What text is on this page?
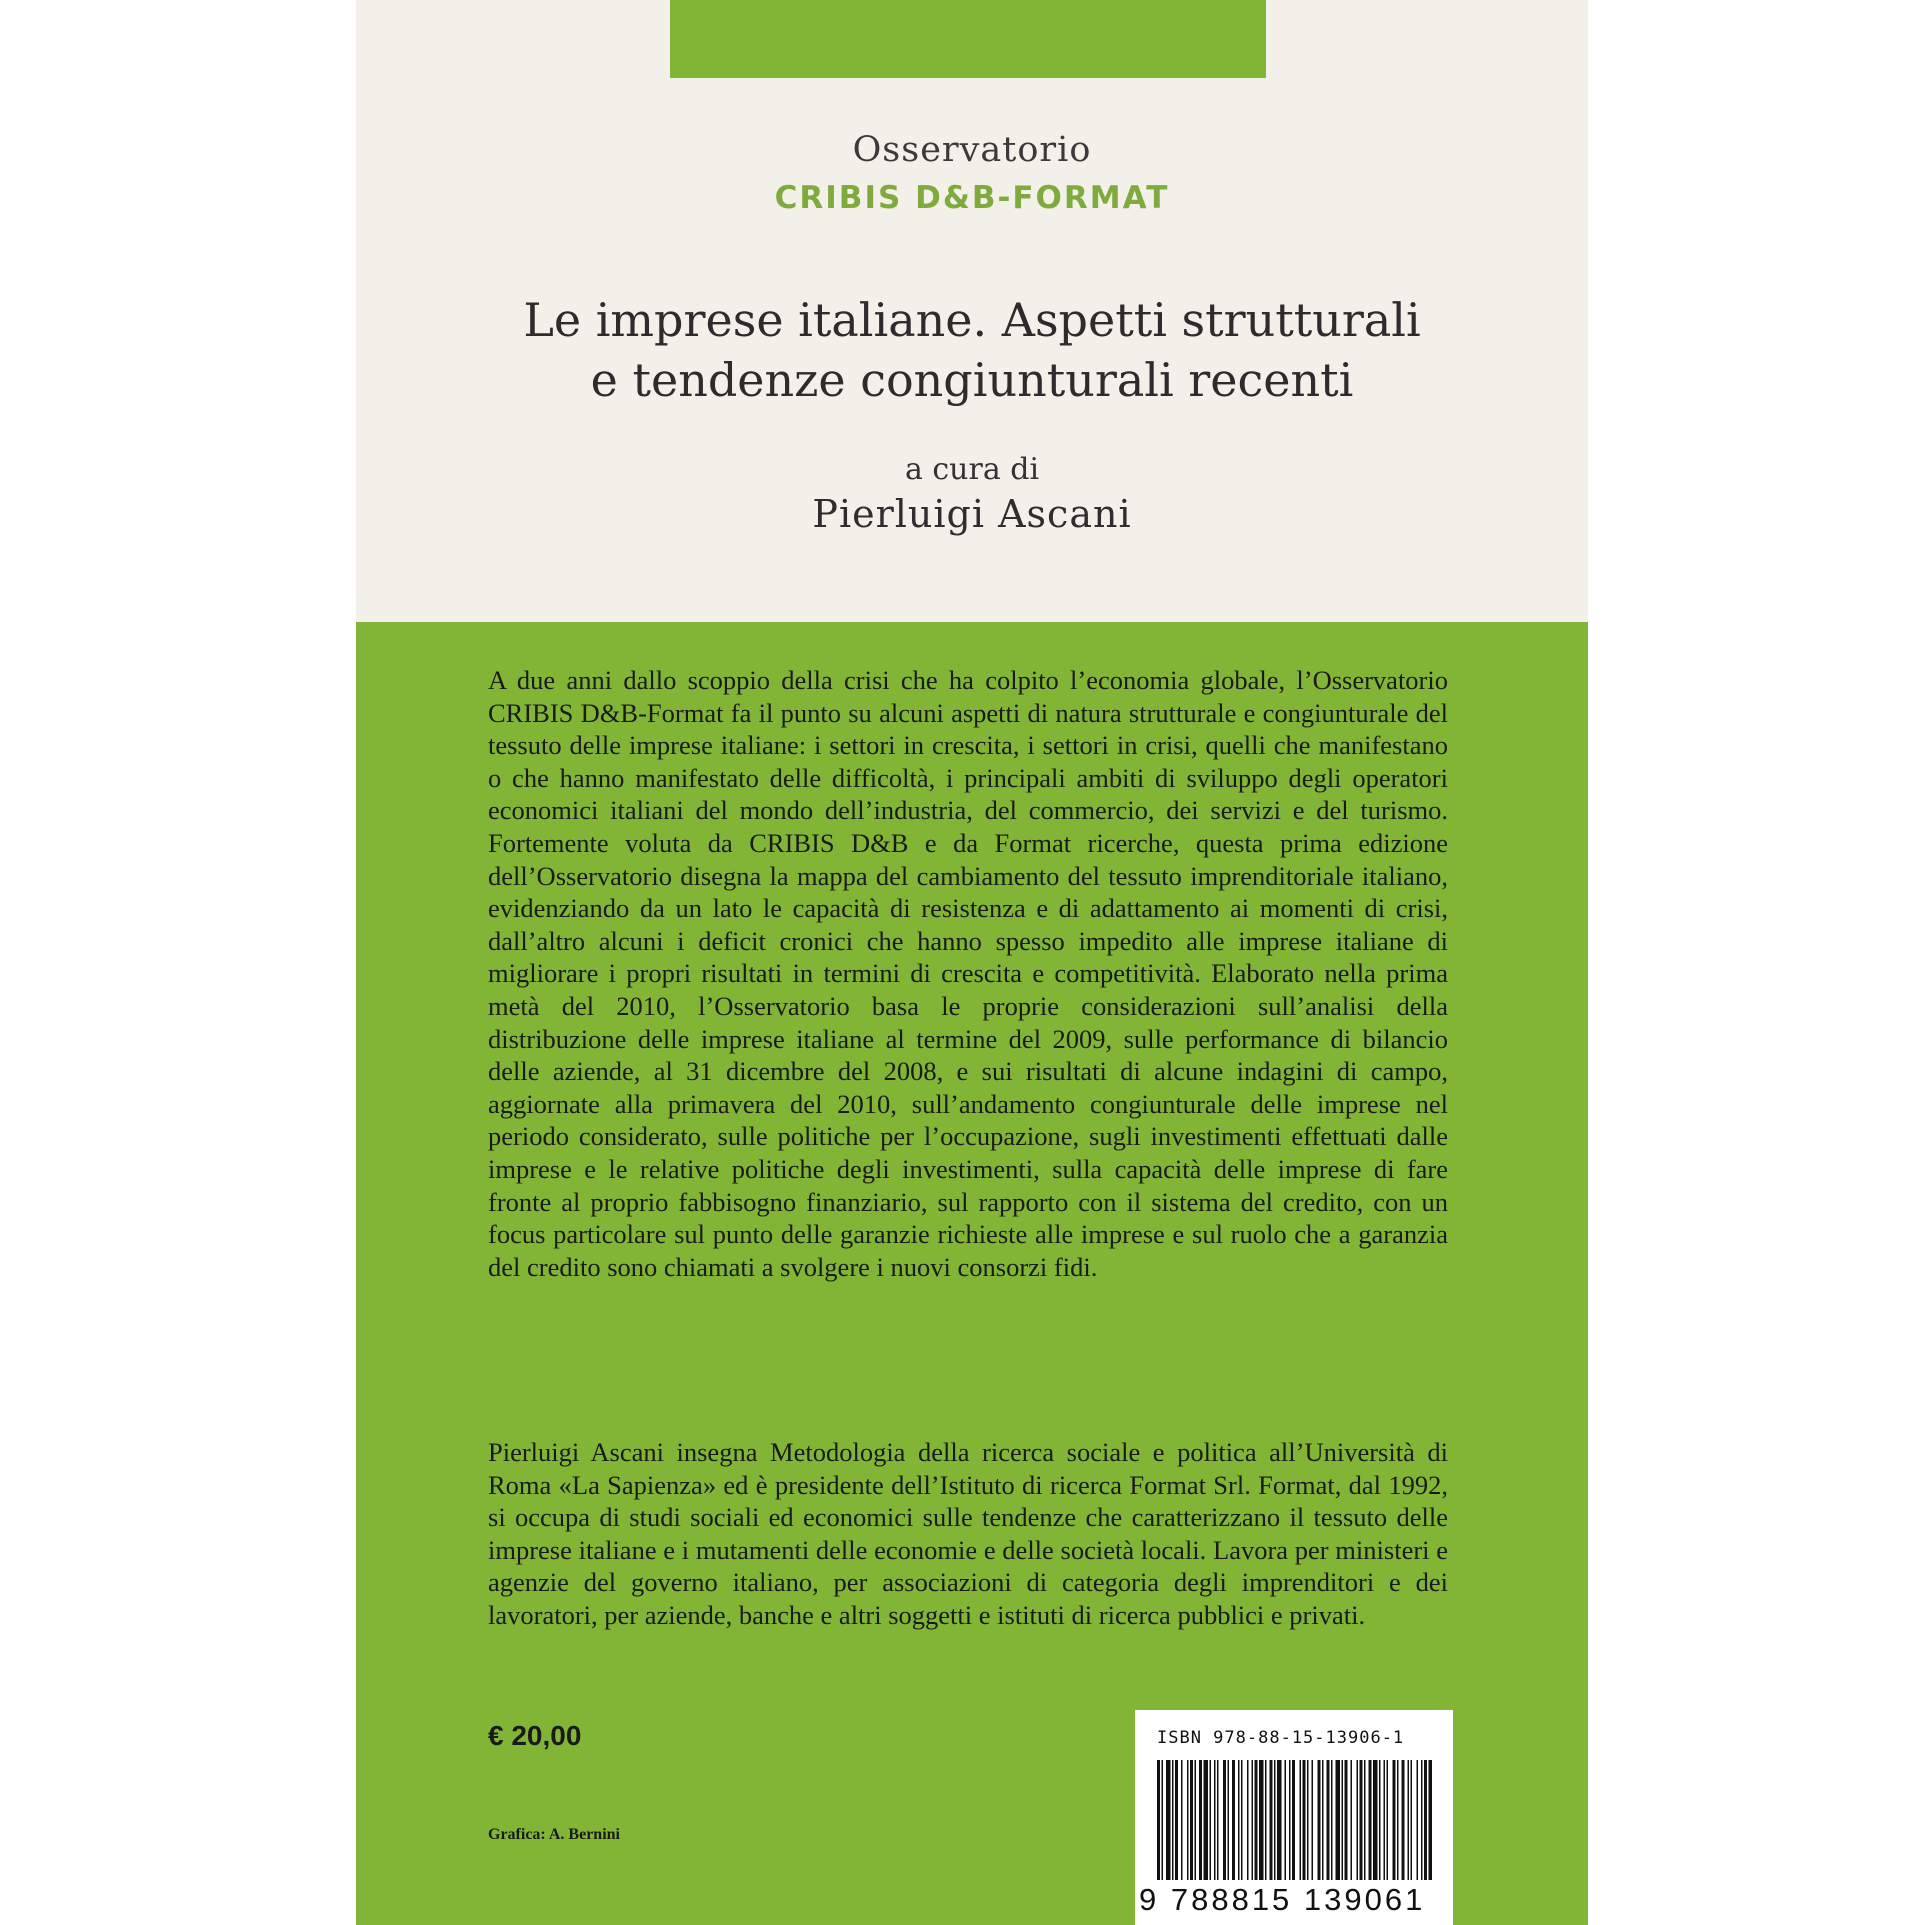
Osservatorio
CRIBIS D&B-FORMAT
Le imprese italiane. Aspetti strutturali
e tendenze congiunturali recenti
a cura di
Pierluigi Ascani

A due anni dallo scoppio della crisi che ha colpito l’economia globale, l’Osservatorio CRIBIS D&B-Format fa il punto su alcuni aspetti di natura strutturale e congiunturale del tessuto delle imprese italiane: i settori in crescita, i settori in crisi, quelli che manifestano o che hanno manifestato delle difficoltà, i principali ambiti di sviluppo degli operatori economici italiani del mondo dell’industria, del commercio, dei servizi e del turismo. Fortemente voluta da CRIBIS D&B e da Format ricerche, questa prima edizione dell’Osservatorio disegna la mappa del cambiamento del tessuto imprenditoriale italiano, evidenziando da un lato le capacità di resistenza e di adattamento ai momenti di crisi, dall’altro alcuni i deficit cronici che hanno spesso impedito alle imprese italiane di migliorare i propri risultati in termini di crescita e competitività. Elaborato nella prima metà del 2010, l’Osservatorio basa le proprie considerazioni sull’analisi della distribuzione delle imprese italiane al termine del 2009, sulle performance di bilancio delle aziende, al 31 dicembre del 2008, e sui risultati di alcune indagini di campo, aggiornate alla primavera del 2010, sull’andamento congiunturale delle imprese nel periodo considerato, sulle politiche per l’occupazione, sugli investimenti effettuati dalle imprese e le relative politiche degli investimenti, sulla capacità delle imprese di fare fronte al proprio fabbisogno finanziario, sul rapporto con il sistema del credito, con un focus particolare sul punto delle garanzie richieste alle imprese e sul ruolo che a garanzia del credito sono chiamati a svolgere i nuovi consorzi fidi.

Pierluigi Ascani insegna Metodologia della ricerca sociale e politica all’Università di Roma «La Sapienza» ed è presidente dell’Istituto di ricerca Format Srl. Format, dal 1992, si occupa di studi sociali ed economici sulle tendenze che caratterizzano il tessuto delle imprese italiane e i mutamenti delle economie e delle società locali. Lavora per ministeri e agenzie del governo italiano, per associazioni di categoria degli imprenditori e dei lavoratori, per aziende, banche e altri soggetti e istituti di ricerca pubblici e privati.

€ 20,00
Grafica: A. Bernini
ISBN 978-88-15-13906-1
9 788815 139061
